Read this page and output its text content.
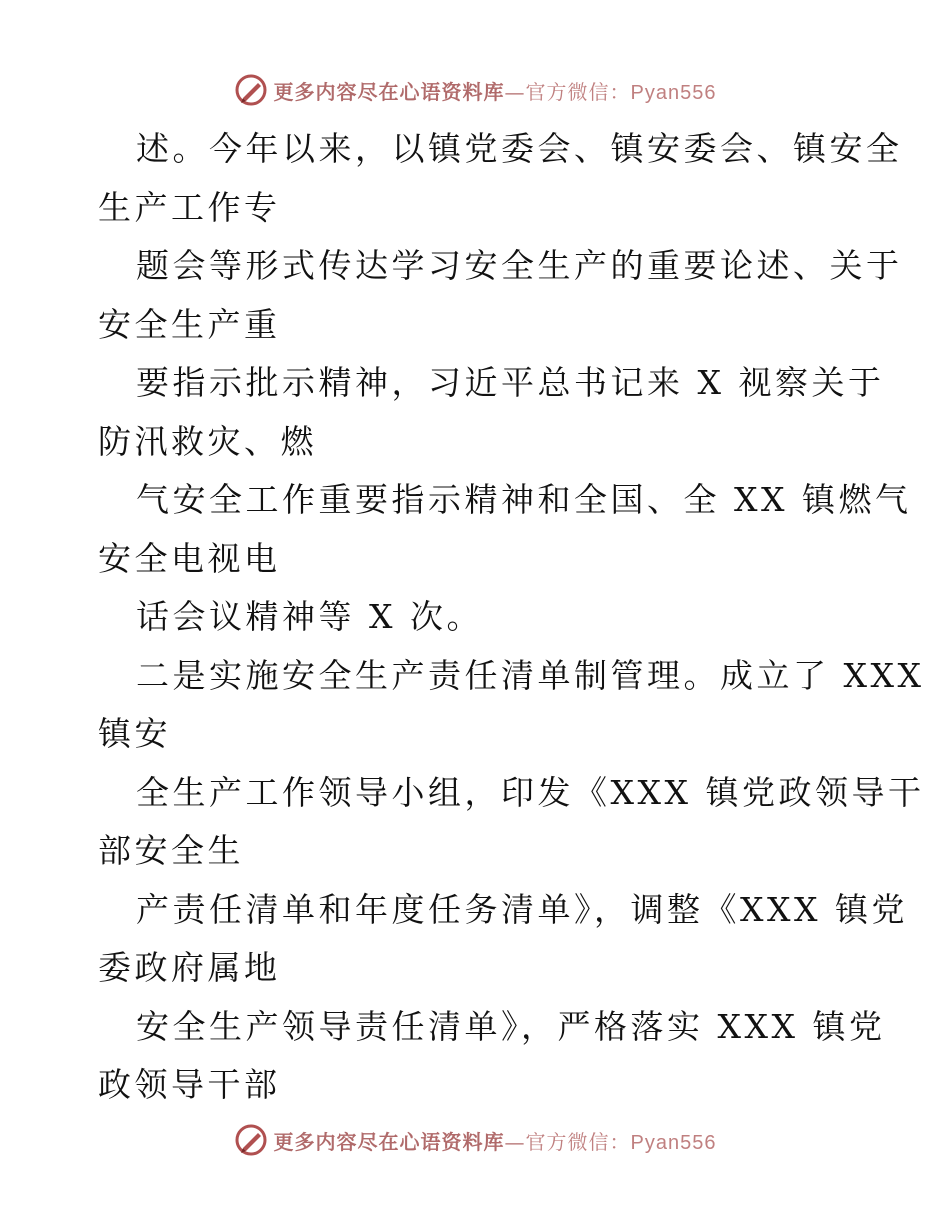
更多内容尽在心语资料库—官方微信：Pyan556
述。今年以来，以镇党委会、镇安委会、镇安全
生产工作专
题会等形式传达学习安全生产的重要论述、关于
安全生产重
要指示批示精神，习近平总书记来 X 视察关于
防汛救灾、燃
气安全工作重要指示精神和全国、全 XX 镇燃气
安全电视电
话会议精神等 X 次。
二是实施安全生产责任清单制管理。成立了 XXX
镇安
全生产工作领导小组，印发《XXX 镇党政领导干
部安全生
产责任清单和年度任务清单》，调整《XXX 镇党
委政府属地
安全生产领导责任清单》，严格落实 XXX 镇党
政领导干部
更多内容尽在心语资料库—官方微信：Pyan556
